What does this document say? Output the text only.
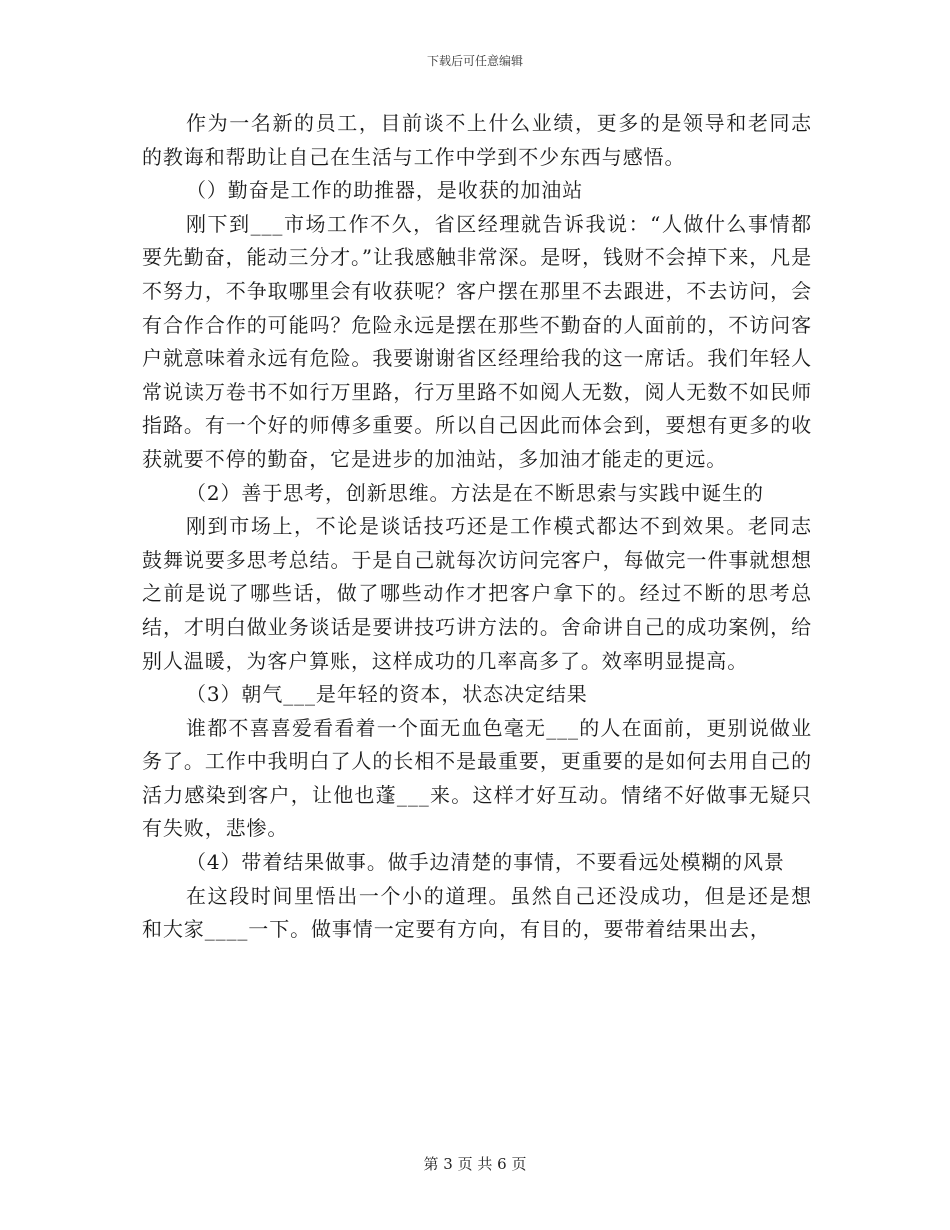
下载后可任意编辑

作为一名新的员工，目前谈不上什么业绩，更多的是领导和老同志的教诲和帮助让自己在生活与工作中学到不少东西与感悟。

（）勤奋是工作的助推器，是收获的加油站

刚下到___市场工作不久，省区经理就告诉我说：“人做什么事情都要先勤奋，能动三分才。”让我感触非常深。是呀，钱财不会掉下来，凡是不努力，不争取哪里会有收获呢？客户摆在那里不去跟进，不去访问，会有合作合作的可能吗？危险永远是摆在那些不勤奋的人面前的，不访问客户就意味着永远有危险。我要谢谢省区经理给我的这一席话。我们年轻人常说读万卷书不如行万里路，行万里路不如阅人无数，阅人无数不如民师指路。有一个好的师傅多重要。所以自己因此而体会到，要想有更多的收获就要不停的勤奋，它是进步的加油站，多加油才能走的更远。

（2）善于思考，创新思维。方法是在不断思索与实践中诞生的

刚到市场上，不论是谈话技巧还是工作模式都达不到效果。老同志鼓舞说要多思考总结。于是自己就每次访问完客户，每做完一件事就想想之前是说了哪些话，做了哪些动作才把客户拿下的。经过不断的思考总结，才明白做业务谈话是要讲技巧讲方法的。舍命讲自己的成功案例，给别人温暖，为客户算账，这样成功的几率高多了。效率明显提高。

（3）朝气___是年轻的资本，状态决定结果

谁都不喜喜爱看看着一个面无血色毫无___的人在面前，更别说做业务了。工作中我明白了人的长相不是最重要，更重要的是如何去用自己的活力感染到客户，让他也蓬___来。这样才好互动。情绪不好做事无疑只有失败，悲惨。

（4）带着结果做事。做手边清楚的事情，不要看远处模糊的风景

在这段时间里悟出一个小的道理。虽然自己还没成功，但是还是想和大家____一下。做事情一定要有方向，有目的，要带着结果出去，

第 3 页 共 6 页
